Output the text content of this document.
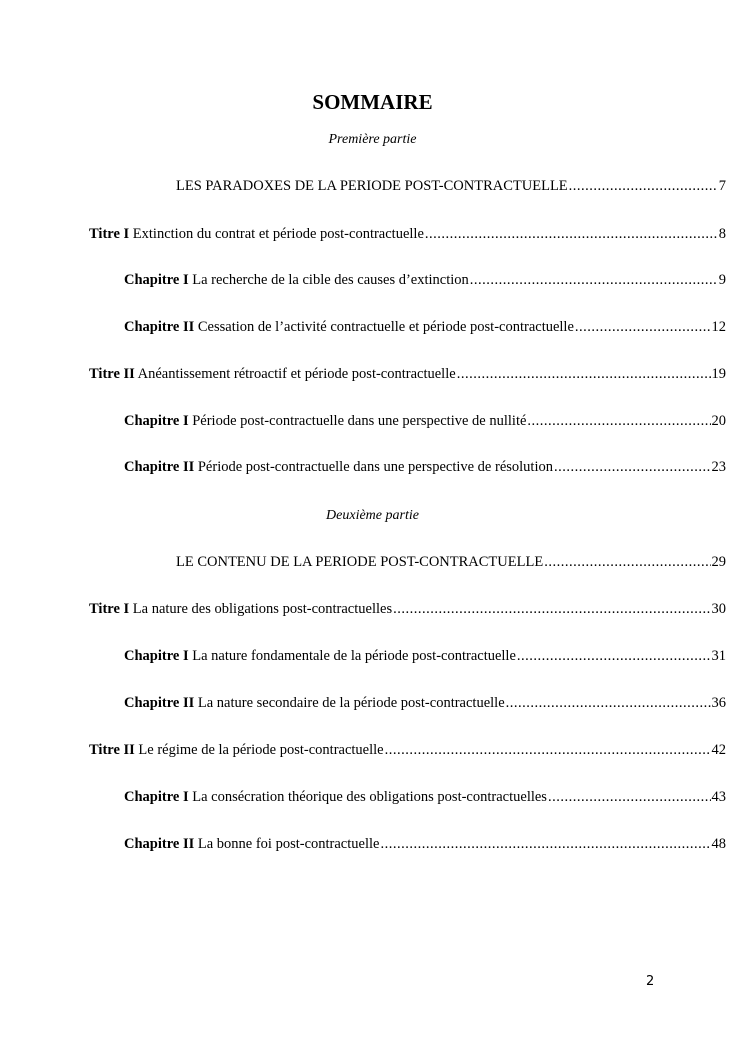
SOMMAIRE
Première partie
LES PARADOXES DE LA PERIODE POST-CONTRACTUELLE .....	7
Titre I Extinction du contrat et période post-contractuelle .....	8
Chapitre I La recherche de la cible des causes d’extinction .....	9
Chapitre II Cessation de l’activité contractuelle et période post-contractuelle .....	12
Titre II Anéantissement rétroactif et période post-contractuelle .....	19
Chapitre I Période post-contractuelle dans une perspective de nullité .....	20
Chapitre II Période post-contractuelle dans une perspective de résolution .....	23
Deuxième partie
LE CONTENU DE LA PERIODE POST-CONTRACTUELLE .....	29
Titre I La nature des obligations post-contractuelles .....	30
Chapitre I La nature fondamentale de la période post-contractuelle .....	31
Chapitre II La nature secondaire de la période post-contractuelle .....	36
Titre II Le régime de la période post-contractuelle .....	42
Chapitre I La consécration théorique des obligations post-contractuelles .....	43
Chapitre II La bonne foi post-contractuelle .....	48
2
